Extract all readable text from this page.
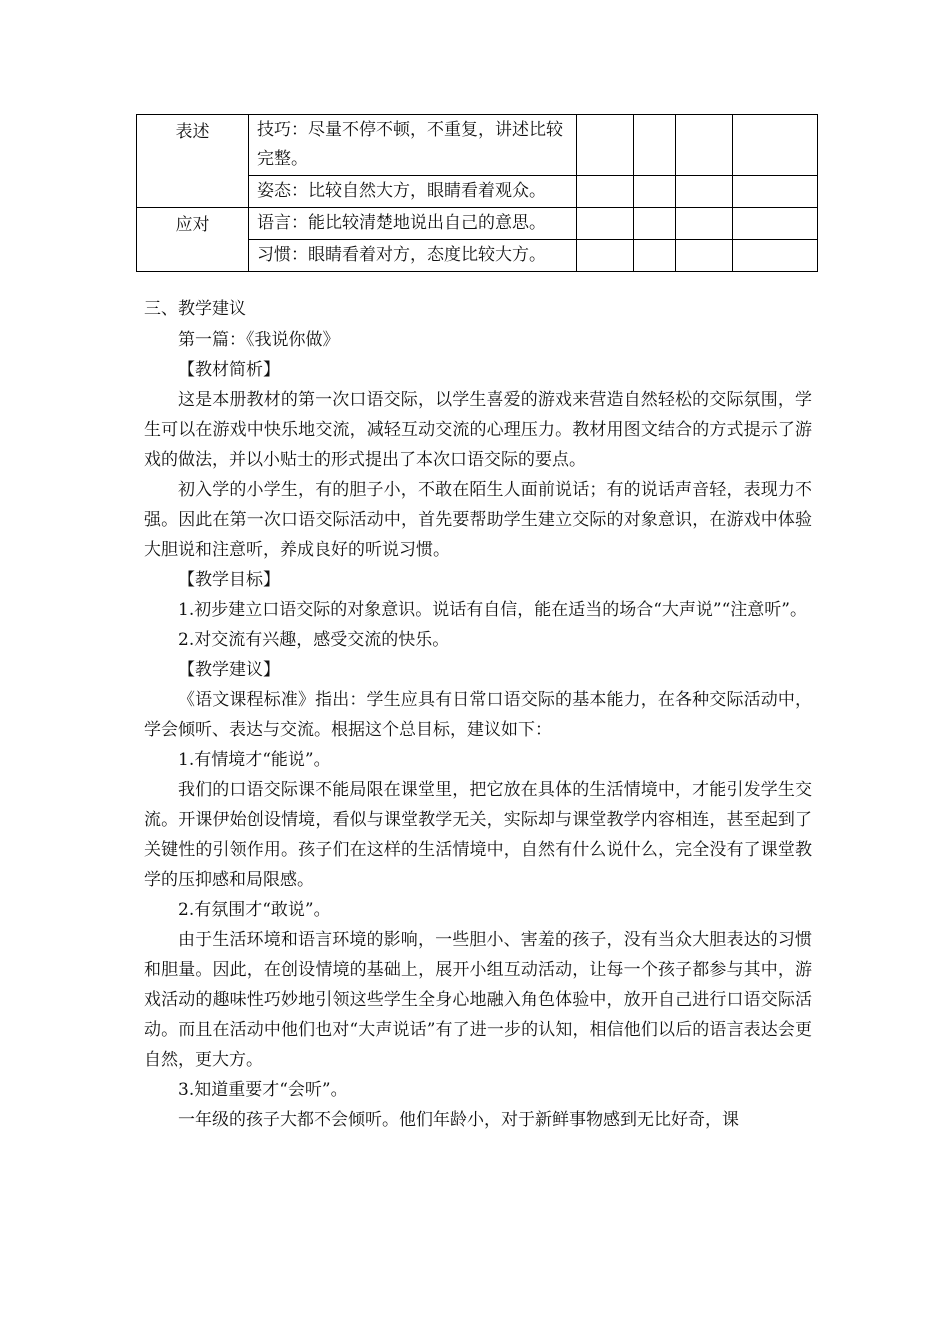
表述	技巧：尽量不停不顿，不重复，讲述比较完整。				
	姿态：比较自然大方，眼睛看着观众。				
应对	语言：能比较清楚地说出自己的意思。				
	习惯：眼睛看着对方，态度比较大方。				

三、教学建议

第一篇：《我说你做》

【教材简析】

这是本册教材的第一次口语交际，以学生喜爱的游戏来营造自然轻松的交际氛围，学生可以在游戏中快乐地交流，减轻互动交流的心理压力。教材用图文结合的方式提示了游戏的做法，并以小贴士的形式提出了本次口语交际的要点。

初入学的小学生，有的胆子小，不敢在陌生人面前说话；有的说话声音轻，表现力不强。因此在第一次口语交际活动中，首先要帮助学生建立交际的对象意识，在游戏中体验大胆说和注意听，养成良好的听说习惯。

【教学目标】

1.初步建立口语交际的对象意识。说话有自信，能在适当的场合“大声说”“注意听”。

2.对交流有兴趣，感受交流的快乐。

【教学建议】

《语文课程标准》指出：学生应具有日常口语交际的基本能力，在各种交际活动中，学会倾听、表达与交流。根据这个总目标，建议如下：

1.有情境才“能说”。

我们的口语交际课不能局限在课堂里，把它放在具体的生活情境中，才能引发学生交流。开课伊始创设情境，看似与课堂教学无关，实际却与课堂教学内容相连，甚至起到了关键性的引领作用。孩子们在这样的生活情境中，自然有什么说什么，完全没有了课堂教学的压抑感和局限感。

2.有氛围才“敢说”。

由于生活环境和语言环境的影响，一些胆小、害羞的孩子，没有当众大胆表达的习惯和胆量。因此，在创设情境的基础上，展开小组互动活动，让每一个孩子都参与其中，游戏活动的趣味性巧妙地引领这些学生全身心地融入角色体验中，放开自己进行口语交际活动。而且在活动中他们也对“大声说话”有了进一步的认知，相信他们以后的语言表达会更自然，更大方。

3.知道重要才“会听”。

一年级的孩子大都不会倾听。他们年龄小，对于新鲜事物感到无比好奇，课
